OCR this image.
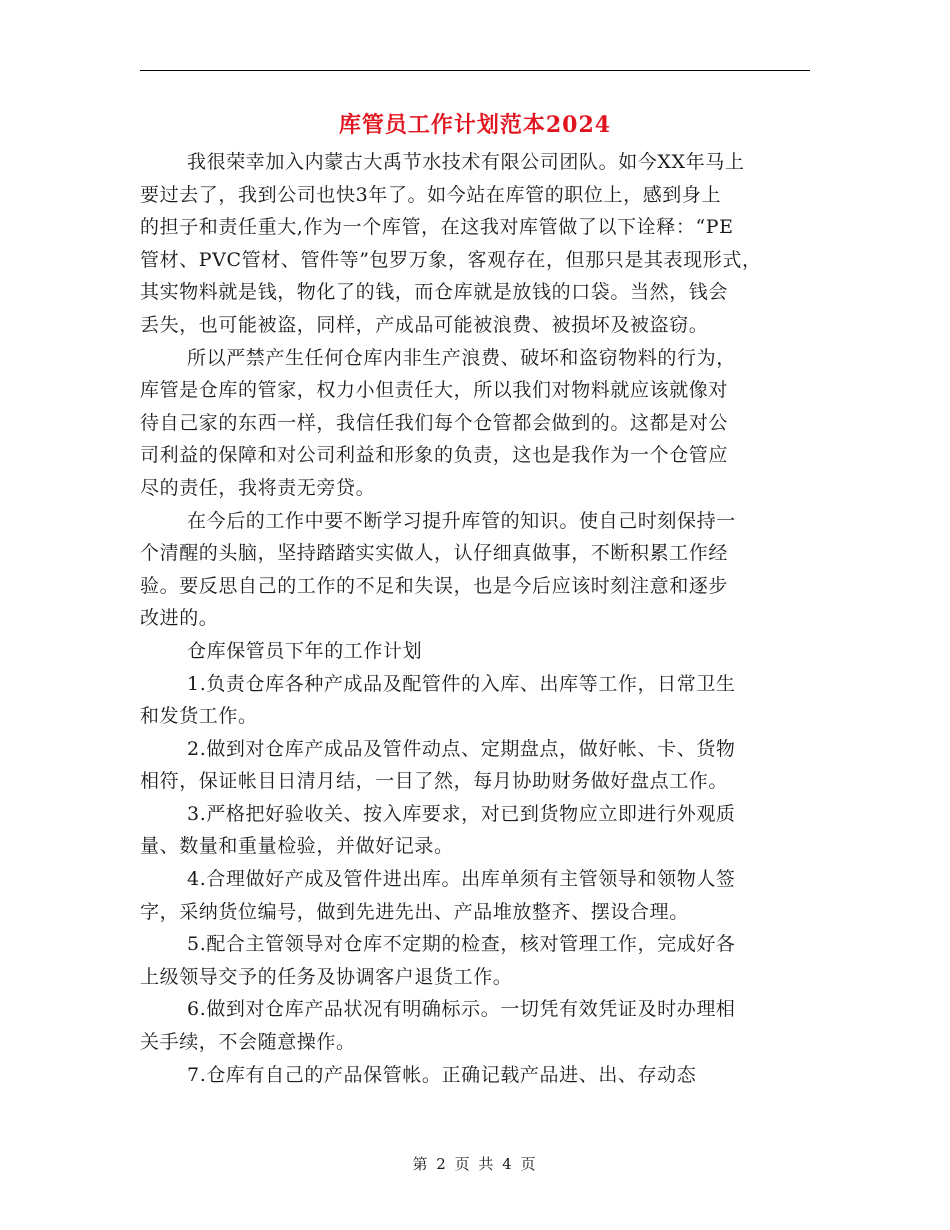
库管员工作计划范本2024
我很荣幸加入内蒙古大禹节水技术有限公司团队。如今XX年马上
要过去了，我到公司也快3年了。如今站在库管的职位上，感到身上
的担子和责任重大,作为一个库管，在这我对库管做了以下诠释：“PE
管材、PVC管材、管件等”包罗万象，客观存在，但那只是其表现形式，
其实物料就是钱，物化了的钱，而仓库就是放钱的口袋。当然，钱会
丢失，也可能被盗，同样，产成品可能被浪费、被损坏及被盗窃。
所以严禁产生任何仓库内非生产浪费、破坏和盗窃物料的行为，
库管是仓库的管家，权力小但责任大，所以我们对物料就应该就像对
待自己家的东西一样，我信任我们每个仓管都会做到的。这都是对公
司利益的保障和对公司利益和形象的负责，这也是我作为一个仓管应
尽的责任，我将责无旁贷。
在今后的工作中要不断学习提升库管的知识。使自己时刻保持一
个清醒的头脑，坚持踏踏实实做人，认仔细真做事，不断积累工作经
验。要反思自己的工作的不足和失误，也是今后应该时刻注意和逐步
改进的。
仓库保管员下年的工作计划
1.负责仓库各种产成品及配管件的入库、出库等工作，日常卫生
和发货工作。
2.做到对仓库产成品及管件动点、定期盘点，做好帐、卡、货物
相符，保证帐目日清月结，一目了然，每月协助财务做好盘点工作。
3.严格把好验收关、按入库要求，对已到货物应立即进行外观质
量、数量和重量检验，并做好记录。
4.合理做好产成及管件进出库。出库单须有主管领导和领物人签
字，采纳货位编号，做到先进先出、产品堆放整齐、摆设合理。
5.配合主管领导对仓库不定期的检查，核对管理工作，完成好各
上级领导交予的任务及协调客户退货工作。
6.做到对仓库产品状况有明确标示。一切凭有效凭证及时办理相
关手续，不会随意操作。
7.仓库有自己的产品保管帐。正确记载产品进、出、存动态
第 2 页 共 4 页
